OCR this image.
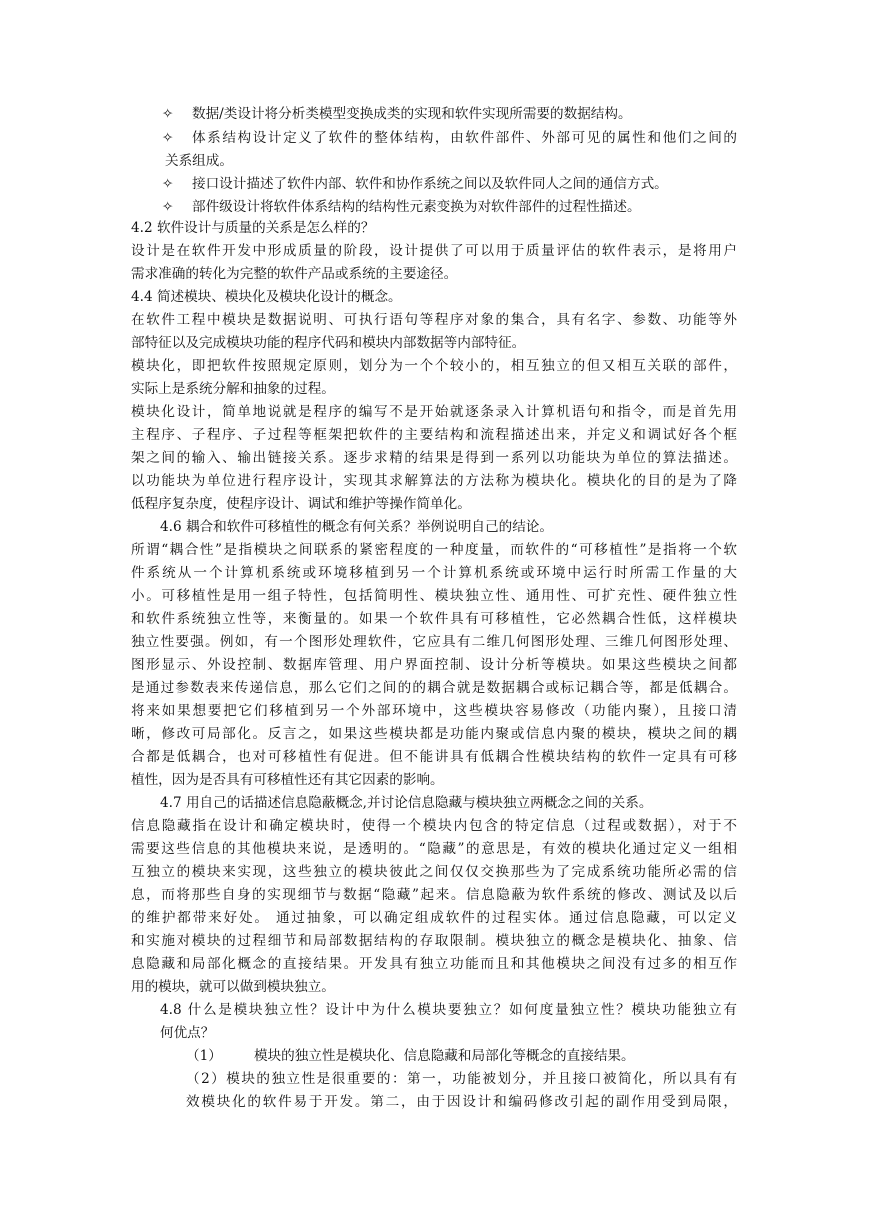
✧ 数据/类设计将分析类模型变换成类的实现和软件实现所需要的数据结构。
✧ 体系结构设计定义了软件的整体结构，由软件部件、外部可见的属性和他们之间的
关系组成。
✧ 接口设计描述了软件内部、软件和协作系统之间以及软件同人之间的通信方式。
✧ 部件级设计将软件体系结构的结构性元素变换为对软件部件的过程性描述。
4.2 软件设计与质量的关系是怎么样的？
设计是在软件开发中形成质量的阶段，设计提供了可以用于质量评估的软件表示，是将用户
需求准确的转化为完整的软件产品或系统的主要途径。
4.4 简述模块、模块化及模块化设计的概念。
在软件工程中模块是数据说明、可执行语句等程序对象的集合，具有名字、参数、功能等外
部特征以及完成模块功能的程序代码和模块内部数据等内部特征。
模块化，即把软件按照规定原则，划分为一个个较小的，相互独立的但又相互关联的部件，
实际上是系统分解和抽象的过程。
模块化设计，简单地说就是程序的编写不是开始就逐条录入计算机语句和指令，而是首先用
主程序、子程序、子过程等框架把软件的主要结构和流程描述出来，并定义和调试好各个框
架之间的输入、输出链接关系。逐步求精的结果是得到一系列以功能块为单位的算法描述。
以功能块为单位进行程序设计，实现其求解算法的方法称为模块化。模块化的目的是为了降
低程序复杂度，使程序设计、调试和维护等操作简单化。
4.6 耦合和软件可移植性的概念有何关系？举例说明自己的结论。
所谓“耦合性”是指模块之间联系的紧密程度的一种度量，而软件的“可移植性”是指将一个软
件系统从一个计算机系统或环境移植到另一个计算机系统或环境中运行时所需工作量的大
小。可移植性是用一组子特性，包括简明性、模块独立性、通用性、可扩充性、硬件独立性
和软件系统独立性等，来衡量的。如果一个软件具有可移植性，它必然耦合性低，这样模块
独立性要强。例如，有一个图形处理软件，它应具有二维几何图形处理、三维几何图形处理、
图形显示、外设控制、数据库管理、用户界面控制、设计分析等模块。如果这些模块之间都
是通过参数表来传递信息，那么它们之间的的耦合就是数据耦合或标记耦合等，都是低耦合。
将来如果想要把它们移植到另一个外部环境中，这些模块容易修改（功能内聚），且接口清
晰，修改可局部化。反言之，如果这些模块都是功能内聚或信息内聚的模块，模块之间的耦
合都是低耦合，也对可移植性有促进。但不能讲具有低耦合性模块结构的软件一定具有可移
植性，因为是否具有可移植性还有其它因素的影响。
4.7 用自己的话描述信息隐蔽概念,并讨论信息隐藏与模块独立两概念之间的关系。
信息隐藏指在设计和确定模块时，使得一个模块内包含的特定信息（过程或数据），对于不
需要这些信息的其他模块来说，是透明的。“隐藏”的意思是，有效的模块化通过定义一组相
互独立的模块来实现，这些独立的模块彼此之间仅仅交换那些为了完成系统功能所必需的信
息，而将那些自身的实现细节与数据“隐藏”起来。信息隐蔽为软件系统的修改、测试及以后
的维护都带来好处。 通过抽象，可以确定组成软件的过程实体。通过信息隐藏，可以定义
和实施对模块的过程细节和局部数据结构的存取限制。模块独立的概念是模块化、抽象、信
息隐藏和局部化概念的直接结果。开发具有独立功能而且和其他模块之间没有过多的相互作
用的模块，就可以做到模块独立。
4.8 什么是模块独立性？设计中为什么模块要独立？如何度量独立性？模块功能独立有
何优点？
（1）	模块的独立性是模块化、信息隐藏和局部化等概念的直接结果。
（2）模块的独立性是很重要的：第一，功能被划分，并且接口被简化，所以具有有
效模块化的软件易于开发。第二，由于因设计和编码修改引起的副作用受到局限，
